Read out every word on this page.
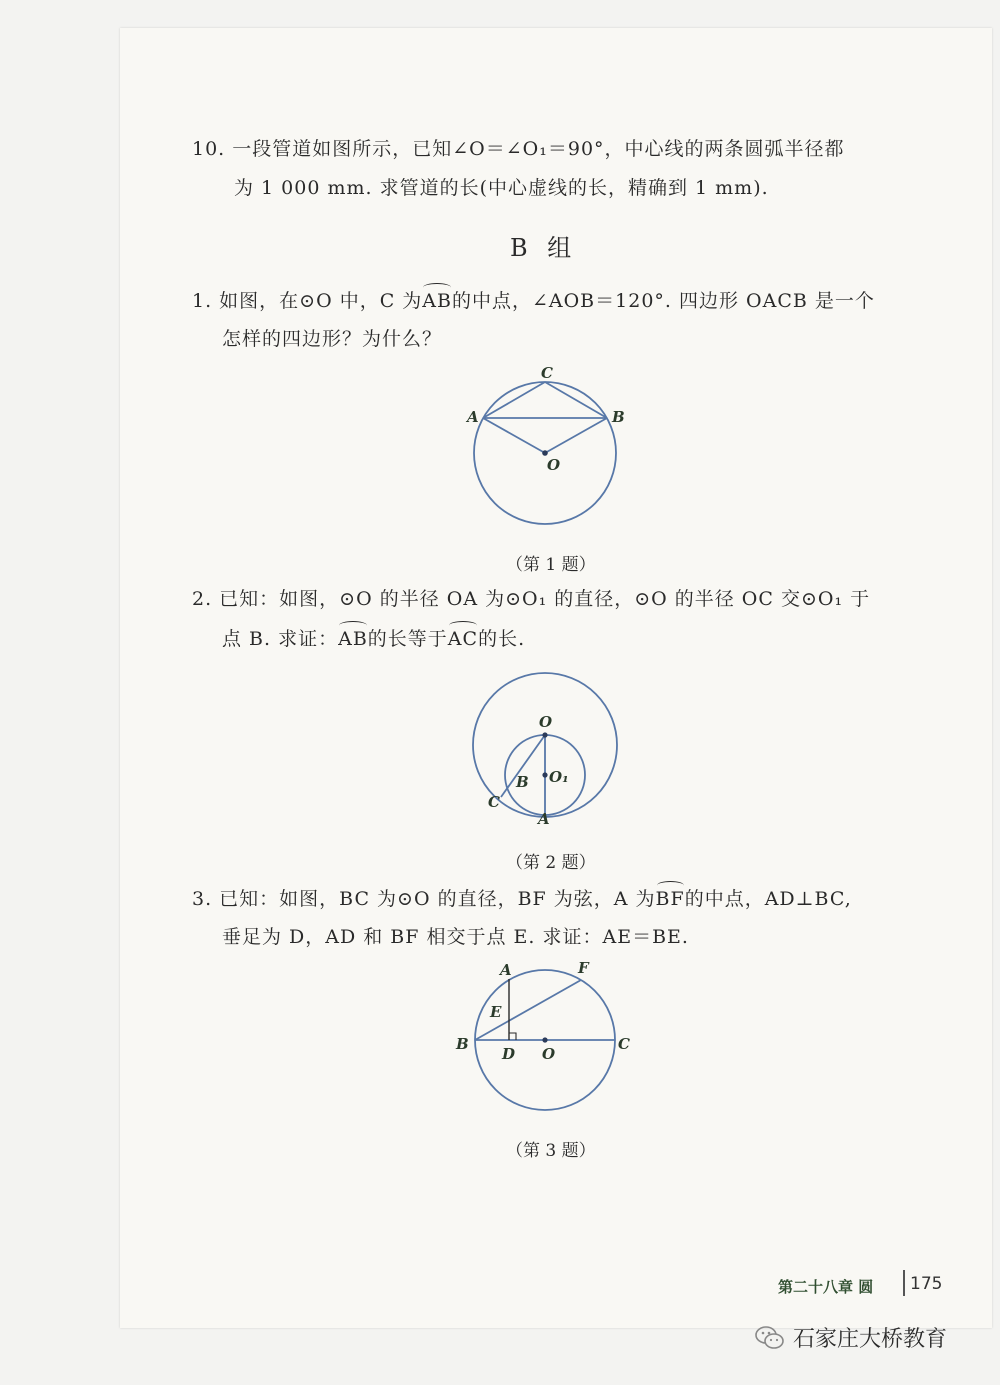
10. 一段管道如图所示，已知∠O＝∠O₁＝90°，中心线的两条圆弧半径都
为 1 000 mm. 求管道的长(中心虚线的长，精确到 1 mm).
B 组
1. 如图，在⊙O 中，C 为AB的中点，∠AOB＝120°. 四边形 OACB 是一个
怎样的四边形？为什么？
C
A	B
O
（第 1 题）
2. 已知：如图，⊙O 的半径 OA 为⊙O₁ 的直径，⊙O 的半径 OC 交⊙O₁ 于
点 B. 求证：AB的长等于AC的长.
O
O₁
B
C
A
（第 2 题）
3. 已知：如图，BC 为⊙O 的直径，BF 为弦，A 为BF的中点，AD⊥BC,
垂足为 D，AD 和 BF 相交于点 E. 求证：AE＝BE.
A	F
E
B
D O
C
（第 3 题）
第二十八章 圆 175
石家庄大桥教育
